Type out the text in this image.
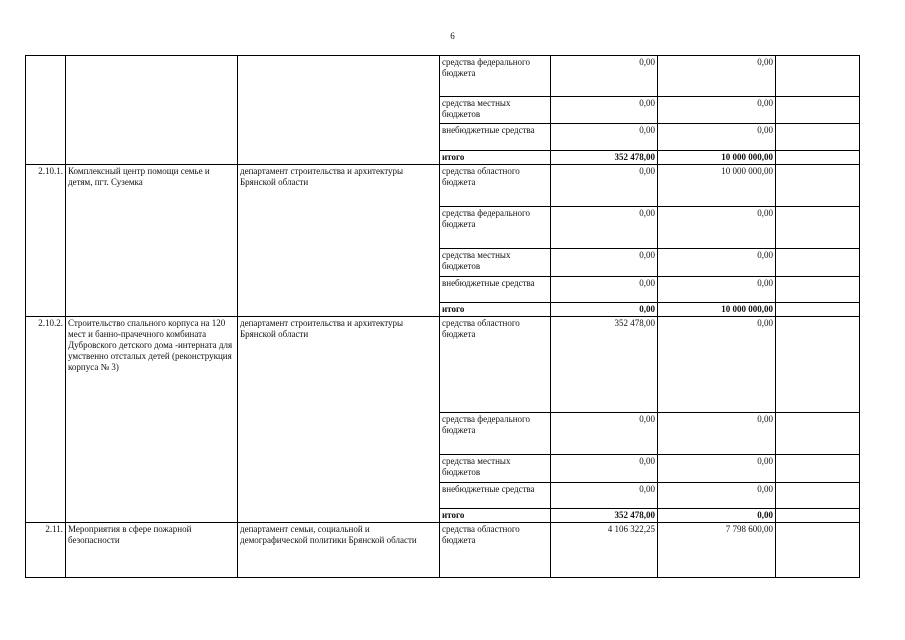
6
			средства федерального бюджета	0,00	0,00	
			средства местных бюджетов	0,00	0,00	
			внебюджетные средства	0,00	0,00	
			итого	352 478,00	10 000 000,00	
2.10.1.	Комплексный центр помощи семье и детям, пгт. Суземка	департамент строительства и архитектуры Брянской области	средства областного бюджета	0,00	10 000 000,00	
			средства федерального бюджета	0,00	0,00	
			средства местных бюджетов	0,00	0,00	
			внебюджетные средства	0,00	0,00	
			итого	0,00	10 000 000,00	
2.10.2.	Строительство спального корпуса на 120 мест и банно-прачечного комбината Дубровского детского дома -интерната для умственно отсталых детей (реконструкция корпуса № 3)	департамент строительства и архитектуры Брянской области	средства областного бюджета	352 478,00	0,00	
			средства федерального бюджета	0,00	0,00	
			средства местных бюджетов	0,00	0,00	
			внебюджетные средства	0,00	0,00	
			итого	352 478,00	0,00	
2.11.	Мероприятия в сфере пожарной безопасности	департамент семьи, социальной и демографической политики Брянской области	средства областного бюджета	4 106 322,25	7 798 600,00	
